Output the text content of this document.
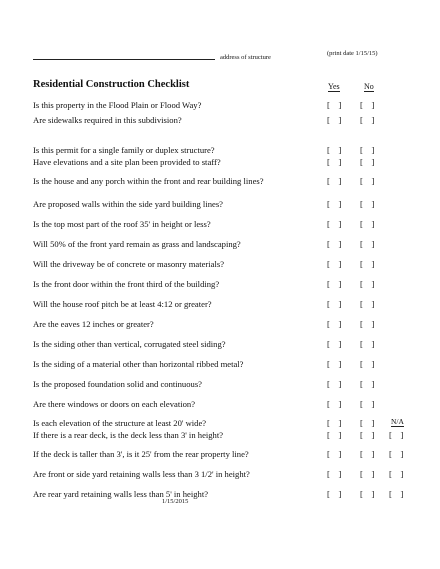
address of structure
(print date 1/15/15)
Residential Construction Checklist	Yes	No
N/A
Is this property in the Flood Plain or Flood Way?	[    ] [    ]
Are sidewalks required in this subdivision?	[    ] [    ]
Is this permit for a single family or duplex structure?	[    ] [    ]
Have elevations and a site plan been provided to staff?	[    ] [    ]
Is the house and any porch within the front and rear building lines?	[    ] [    ]
Are proposed walls within the side yard building lines?	[    ] [    ]
Is the top most part of the roof 35' in height or less?	[    ] [    ]
Will 50% of the front yard remain as grass and landscaping?	[    ] [    ]
Will the driveway be of concrete or masonry materials?	[    ] [    ]
Is the front door within the front third of the building?	[    ] [    ]
Will the house roof pitch be at least 4:12 or greater?	[    ] [    ]
Are the eaves 12 inches or greater?	[    ] [    ]
Is the siding other than vertical, corrugated steel siding?	[    ] [    ]
Is the siding of a material other than horizontal ribbed metal?	[    ] [    ]
Is the proposed foundation solid and continuous?	[    ] [    ]
Are there windows or doors on each elevation?	[    ] [    ]
Is each elevation of the structure at least 20' wide?	[    ] [    ]
If there is a rear deck, is the deck less than 3' in height?	[    ] [    ] [    ]
If the deck is taller than 3', is it 25' from the rear property line?	[    ] [    ] [    ]
Are front or side yard retaining walls less than 3 1/2' in height?	[    ] [    ] [    ]
Are rear yard retaining walls less than 5' in height?	[    ] [    ] [    ]
1/15/2015
